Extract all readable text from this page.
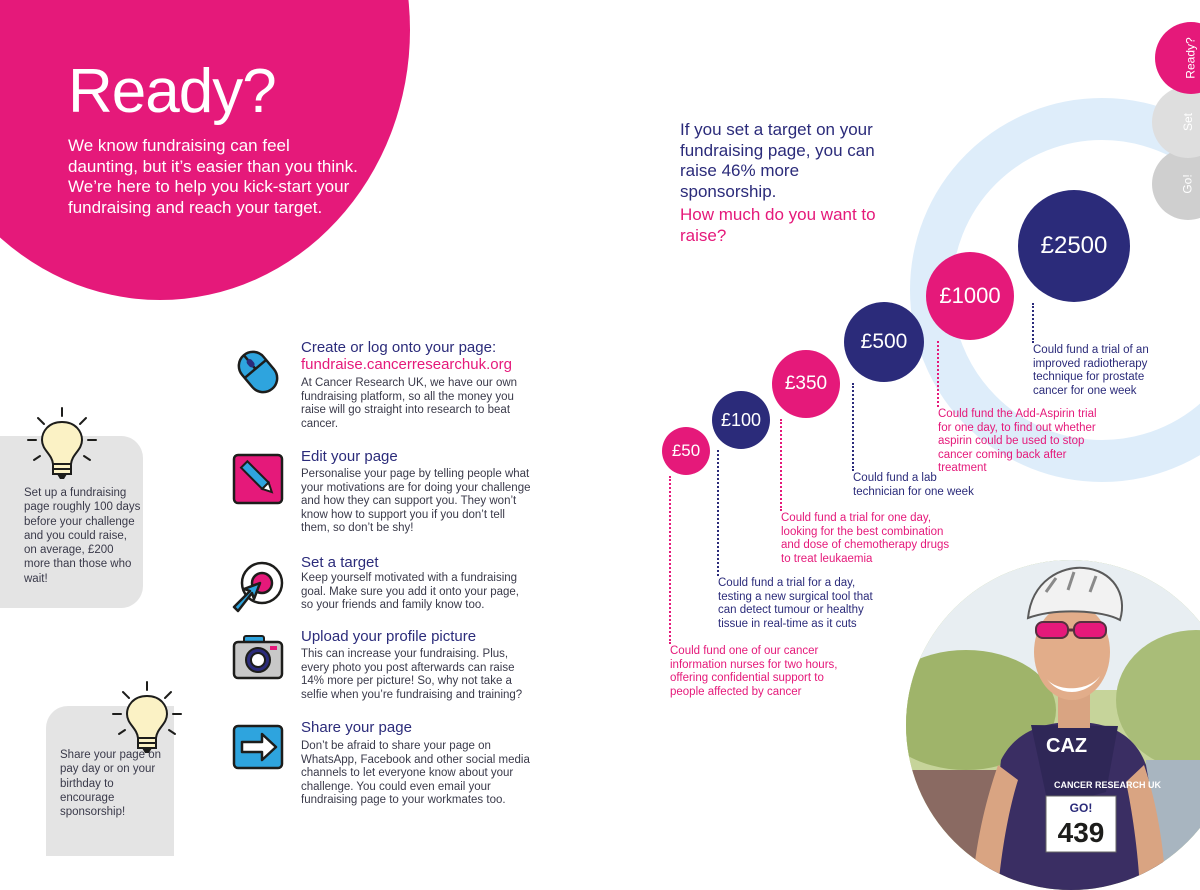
Ready?
We know fundraising can feel daunting, but it’s easier than you think. We’re here to help you kick-start your fundraising and reach your target.
Set up a fundraising page roughly 100 days before your challenge and you could raise, on average, £200 more than those who wait!
Share your page on pay day or on your birthday to encourage sponsorship!
Create or log onto your page:
fundraise.cancerresearchuk.org
At Cancer Research UK, we have our own fundraising platform, so all the money you raise will go straight into research to beat cancer.
Edit your page
Personalise your page by telling people what your motivations are for doing your challenge and how they can support you. They won’t know how to support you if you don’t tell them, so don’t be shy!
Set a target
Keep yourself motivated with a fundraising goal. Make sure you add it onto your page, so your friends and family know too.
Upload your profile picture
This can increase your fundraising. Plus, every photo you post afterwards can raise 14% more per picture! So, why not take a selfie when you’re fundraising and training?
Share your page
Don’t be afraid to share your page on WhatsApp, Facebook and other social media channels to let everyone know about your challenge. You could even email your fundraising page to your workmates too.
If you set a target on your fundraising page, you can raise 46% more sponsorship.
How much do you want to raise?
£50
Could fund one of our cancer information nurses for two hours, offering confidential support to people affected by cancer
£100
Could fund a trial for a day, testing a new surgical tool that can detect tumour or healthy tissue in real-time as it cuts
£350
Could fund a trial for one day, looking for the best combination and dose of chemotherapy drugs to treat leukaemia
£500
Could fund a lab technician for one week
£1000
Could fund the Add-Aspirin trial for one day, to find out whether aspirin could be used to stop cancer coming back after treatment
£2500
Could fund a trial of an improved radiotherapy technique for prostate cancer for one week
Go!
Set
Ready?
CAZ
CANCER RESEARCH UK
GO!
439
